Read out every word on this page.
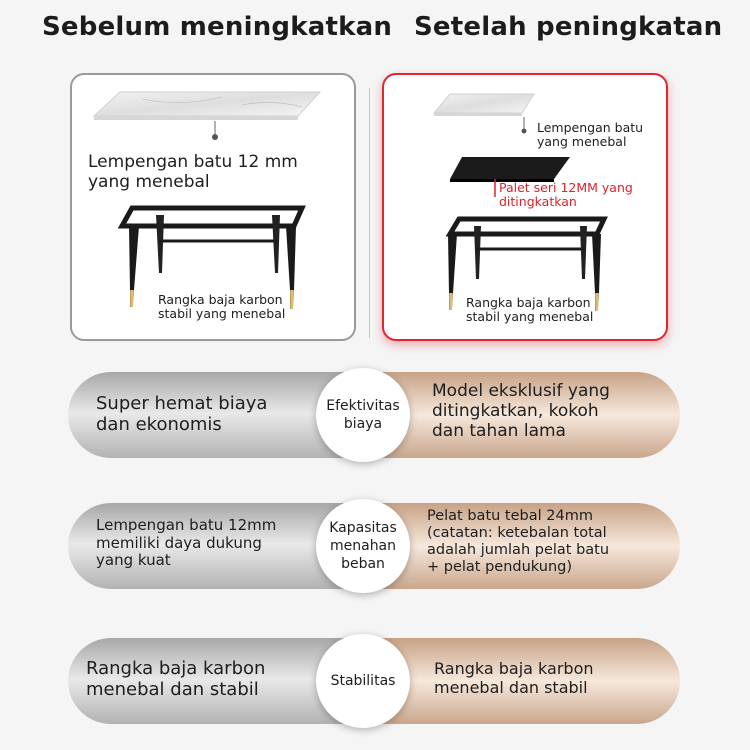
Sebelum meningkatkan Setelah peningkatan
Lempengan batu 12 mm
yang menebal
Rangka baja karbon
stabil yang menebal
Lempengan batu
yang menebal
Palet seri 12MM yang
ditingkatkan
Rangka baja karbon
stabil yang menebal
Super hemat biaya
dan ekonomis
Model eksklusif yang
ditingkatkan, kokoh
dan tahan lama
Efektivitas
biaya
Lempengan batu 12mm
memiliki daya dukung
yang kuat
Pelat batu tebal 24mm
(catatan: ketebalan total
adalah jumlah pelat batu
+ pelat pendukung)
Kapasitas
menahan
beban
Rangka baja karbon
menebal dan stabil
Rangka baja karbon
menebal dan stabil
Stabilitas
